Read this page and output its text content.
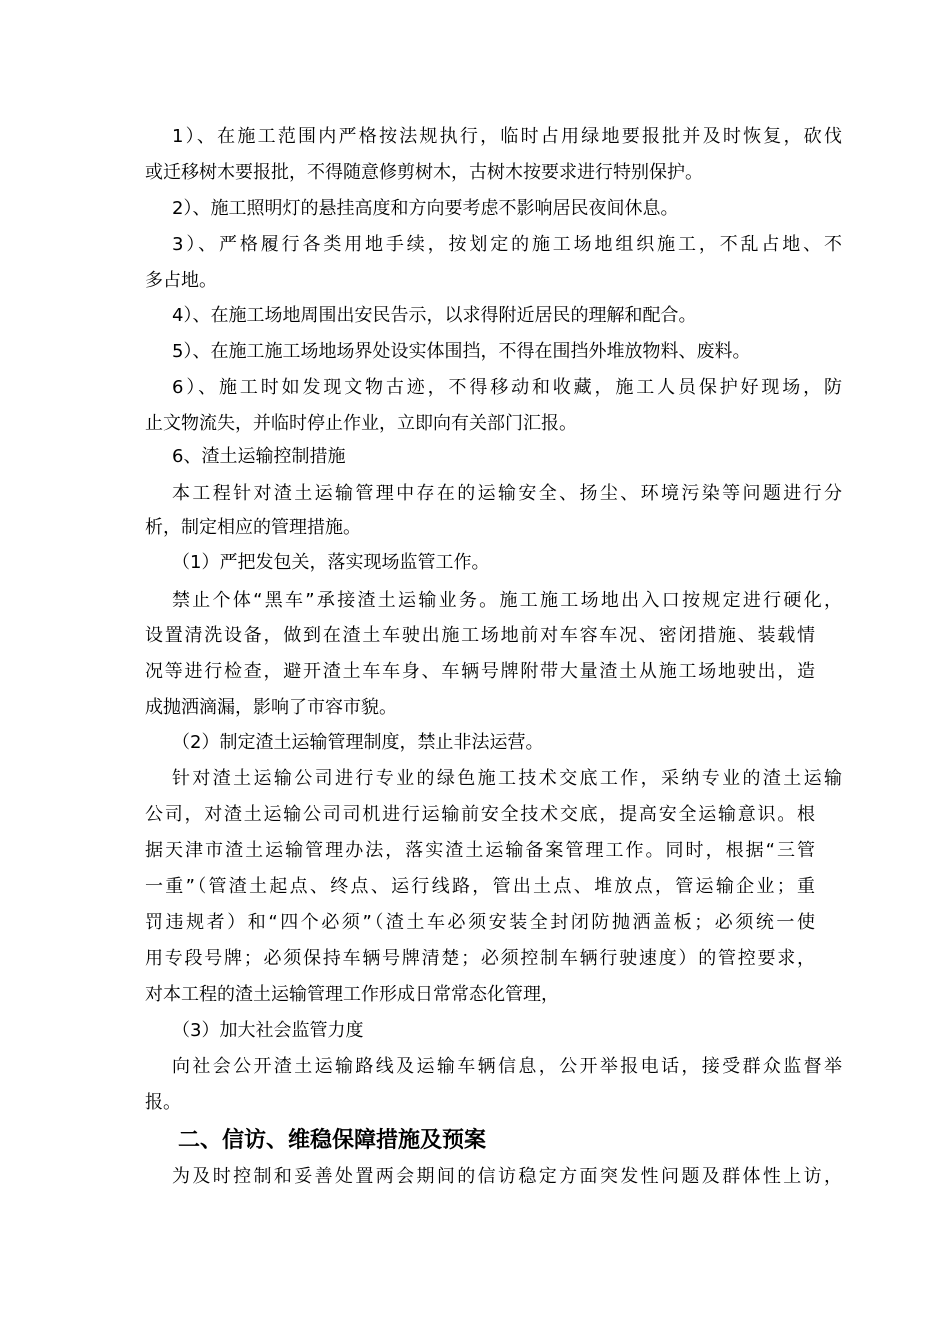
1）、在施工范围内严格按法规执行，临时占用绿地要报批并及时恢复，砍伐
或迁移树木要报批，不得随意修剪树木，古树木按要求进行特别保护。
2）、施工照明灯的悬挂高度和方向要考虑不影响居民夜间休息。
3）、严格履行各类用地手续，按划定的施工场地组织施工，不乱占地、不
多占地。
4）、在施工场地周围出安民告示，以求得附近居民的理解和配合。
5）、在施工施工场地场界处设实体围挡，不得在围挡外堆放物料、废料。
6）、施工时如发现文物古迹，不得移动和收藏，施工人员保护好现场，防
止文物流失，并临时停止作业，立即向有关部门汇报。
6、渣土运输控制措施
本工程针对渣土运输管理中存在的运输安全、扬尘、环境污染等问题进行分
析，制定相应的管理措施。
（1）严把发包关，落实现场监管工作。
禁止个体“黑车”承接渣土运输业务。施工施工场地出入口按规定进行硬化，
设置清洗设备，做到在渣土车驶出施工场地前对车容车况、密闭措施、装载情
况等进行检查，避开渣土车车身、车辆号牌附带大量渣土从施工场地驶出，造
成抛洒滴漏，影响了市容市貌。
（2）制定渣土运输管理制度，禁止非法运营。
针对渣土运输公司进行专业的绿色施工技术交底工作，采纳专业的渣土运输
公司，对渣土运输公司司机进行运输前安全技术交底，提高安全运输意识。根
据天津市渣土运输管理办法，落实渣土运输备案管理工作。同时，根据“三管
一重”（管渣土起点、终点、运行线路，管出土点、堆放点，管运输企业；重
罚违规者）和“四个必须”（渣土车必须安装全封闭防抛洒盖板；必须统一使
用专段号牌；必须保持车辆号牌清楚；必须控制车辆行驶速度）的管控要求，
对本工程的渣土运输管理工作形成日常常态化管理，
（3）加大社会监管力度
向社会公开渣土运输路线及运输车辆信息，公开举报电话，接受群众监督举
报。
二、信访、维稳保障措施及预案
为及时控制和妥善处置两会期间的信访稳定方面突发性问题及群体性上访，
